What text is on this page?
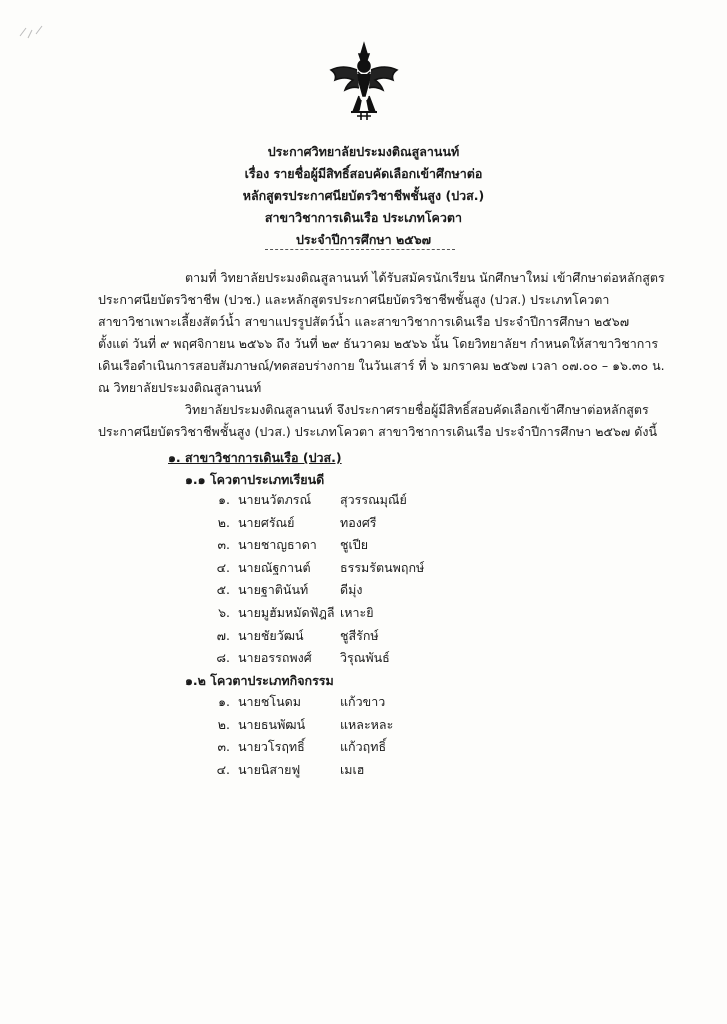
ประกาศวิทยาลัยประมงติณสูลานนท์
เรื่อง รายชื่อผู้มีสิทธิ์สอบคัดเลือกเข้าศึกษาต่อ
หลักสูตรประกาศนียบัตรวิชาชีพชั้นสูง (ปวส.)
สาขาวิชาการเดินเรือ ประเภทโควตา
ประจำปีการศึกษา ๒๕๖๗
ตามที่ วิทยาลัยประมงติณสูลานนท์ ได้รับสมัครนักเรียน นักศึกษาใหม่ เข้าศึกษาต่อหลักสูตร
ประกาศนียบัตรวิชาชีพ (ปวช.) และหลักสูตรประกาศนียบัตรวิชาชีพชั้นสูง (ปวส.) ประเภทโควตา
สาขาวิชาเพาะเลี้ยงสัตว์น้ำ สาขาแปรรูปสัตว์น้ำ และสาขาวิชาการเดินเรือ ประจำปีการศึกษา ๒๕๖๗
ตั้งแต่ วันที่ ๙ พฤศจิกายน ๒๕๖๖ ถึง วันที่ ๒๙ ธันวาคม ๒๕๖๖ นั้น โดยวิทยาลัยฯ กำหนดให้สาขาวิชาการ
เดินเรือดำเนินการสอบสัมภาษณ์/ทดสอบร่างกาย ในวันเสาร์ ที่ ๖ มกราคม ๒๕๖๗ เวลา ๐๗.๐๐ – ๑๖.๓๐ น.
ณ วิทยาลัยประมงติณสูลานนท์
วิทยาลัยประมงติณสูลานนท์ จึงประกาศรายชื่อผู้มีสิทธิ์สอบคัดเลือกเข้าศึกษาต่อหลักสูตร
ประกาศนียบัตรวิชาชีพชั้นสูง (ปวส.) ประเภทโควตา สาขาวิชาการเดินเรือ ประจำปีการศึกษา ๒๕๖๗ ดังนี้
๑. สาขาวิชาการเดินเรือ (ปวส.)
๑.๑ โควตาประเภทเรียนดี
๑. นายนวัตภรณ์ สุวรรณมุณีย์
๒. นายศรัณย์	ทองศรี
๓. นายชาญธาดา ชูเปีย
๔. นายณัฐกานต์ ธรรมรัตนพฤกษ์
๕. นายฐาตินันท์	ดีมุ่ง
๖. นายมูฮัมหมัดฟัฎลี เหาะยิ
๗. นายชัยวัฒน์	ชูสีรักษ์
๘. นายอรรถพงศ์ วิรุณพันธ์
๑.๒ โควตาประเภทกิจกรรม
๑. นายชโนดม	แก้วขาว
๒. นายธนพัฒน์	แหละหละ
๓. นายวโรฤทธิ์	แก้วฤทธิ์
๔. นายนิสายฟู	เมเฮ
